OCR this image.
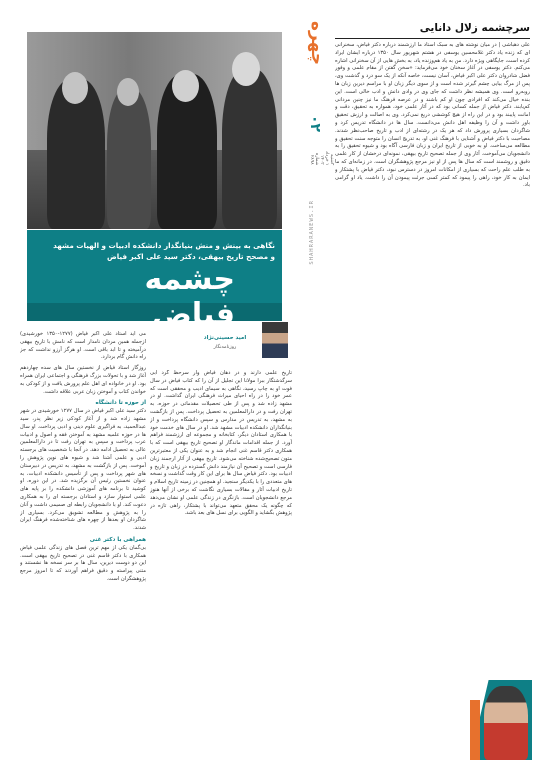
چهره
۰۲
۳شنبه
۱ خرداد ۱۴۰۳
شماره ۲۸۹۸
SHAHRARANEWS.IR
نگاهی به بینش و منش بنیانگذار دانشکده ادبیات و الهیات مشهد و مصحح تاریخ بیهقی، دکتر سید علی اکبر فیاض
چشمه فیاض
سرچشمه زلال دانایی
علی دهباشی | در میان نوشته های به سبک استاد ما آرزشمند درباره دکتر فیاض، سخنرانی ای که زنده یاد دکتر غلامحسین یوسفی در هشتم شهریور سال ۱۳۵۰ درباره ایشان ایراد کرده است، جایگاهی ویژه دارد. من به یاد هم‌وزنده یاد، به بخش هایی از آن سخنرانی اشاره می‌کنم. دکتر یوسفی در آغاز سخنان خود می‌فرماید: «سخن گفتن از مقام علمی و وفور فضل شادروان دکتر علی اکبر فیاض، آسان نیست، خاصه آنکه از یک سو درد و گذشت وی، پس از مرگ بیایی چشم گیرتر شده است و از سوی دیگر زبان او با مراسم دیرین زبان ها روبه‌رو است. وی همیشه نظر داشت که جای وی در وادی دانش و ادب خالی است. این بنده خیال می‌کند که افرادی چون او کم باشند و در عرصه فرهنگ ما نیز چنین مردانی کم‌یابند. دکتر فیاض از جمله کسانی بود که در آثار علمی خود، همواره به تحقیق، دقت و امانت پایبند بود و در این راه از هیچ کوششی دریغ نمی‌کرد. وی به اصالت و ارزش تحقیق باور داشت و آن را وظیفه اهل دانش می‌دانست. سال ها در دانشگاه تدریس کرد و شاگردان بسیاری پرورش داد که هر یک در رشته‌ای از ادب و تاریخ صاحب‌نظر شدند. مصاحبت با دکتر فیاض و آشنایی با فرهنگ غنی او، به تدریج انسان را متوجه سنت تحقیق و مطالعه می‌ساخت. او به خوبی از تاریخ ایران و زبان فارسی آگاه بود و شیوه تحقیق را به دانشجویان می‌آموخت. آثار وی از جمله تصحیح تاریخ بیهقی، نمونه‌ای درخشان از کار علمی دقیق و روشمند است که سال ها پس از او نیز مرجع پژوهشگران است. در زمانه‌ای که ما به طلب علم راحت که بسیاری از امکانات امروز در دسترس نبود، دکتر فیاض با پشتکار و ایمان به کار خود، راهی را پیمود که کمتر کسی جرئت پیمودن آن را داشت. یاد او گرامی باد.
امید حسینی‌نژاد
روزنامه‌نگار
تاریخ علمی دارند و در دهان فیاض وار سرحظ گرد ابی سرگذشتگار ببرا مولانا این تجلیل از آن را که کتاب فیاض در سال فوت او به چاپ رسید، نگاهی به سیمای ادیب و محققی است که عمر خود را در راه احیای میراث فرهنگی ایران گذاشت. او در مشهد زاده شد و پس از طی تحصیلات مقدماتی در حوزه، به تهران رفت و در دارالمعلمین به تحصیل پرداخت. پس از بازگشت به مشهد، به تدریس در مدارس و سپس دانشگاه پرداخت و از بنیانگذاران دانشکده ادبیات مشهد شد. او در سال های خدمت خود با همکاری استادان دیگر، کتابخانه و مجموعه ای ارزشمند فراهم آورد. از جمله اقدامات ماندگار او تصحیح تاریخ بیهقی است که با همکاری دکتر قاسم غنی انجام شد و به عنوان یکی از معتبرترین متون تصحیح‌شده شناخته می‌شود. تاریخ بیهقی از آثار ارجمند زبان فارسی است و تصحیح آن نیازمند دانش گسترده در زبان و تاریخ و ادبیات بود. دکتر فیاض سال ها برای این کار وقت گذاشت و نسخه های متعددی را با یکدیگر سنجید. او همچنین در زمینه تاریخ اسلام و تاریخ ادبیات آثار و مقالات بسیاری نگاشت که برخی از آنها هنوز مرجع دانشجویان است. بازنگری در زندگی علمی او نشان می‌دهد که چگونه یک محقق متعهد می‌تواند با پشتکار، راهی تازه در پژوهش بگشاید و الگویی برای نسل های بعد باشد.
می آید استاد علی اکبر فیاض (۱۲۷۷-۱۳۵۰ خورشیدی) ازجمله همین مردان نامدار است که نامش با تاریخ بیهقی درآمیخته و تا ابد باقی است. او هرگز آرزو نداشت که جز راه دانش گام بردارد.
روزگار استاد فیاض از نخستین سال های سده چهاردهم آغاز شد و با تحولات بزرگ فرهنگی و اجتماعی ایران همراه بود. او در خانواده ای اهل علم پرورش یافت و از کودکی به خواندن کتاب و آموختن زبان عربی علاقه داشت.
از حوزه تا دانشگاه
دکتر سید علی اکبر فیاض در سال ۱۲۷۷ خورشیدی در شهر مشهد زاده شد و از آغاز کودکی زیر نظر پدر، سید عبدالحمید، به فراگیری علوم دینی و ادبی پرداخت. او سال ها در حوزه علمیه مشهد به آموختن فقه و اصول و ادبیات عرب پرداخت و سپس به تهران رفت تا در دارالمعلمین عالی به تحصیل ادامه دهد. در آنجا با شخصیت های برجسته ادبی و علمی آشنا شد و شیوه های نوین پژوهش را آموخت. پس از بازگشت به مشهد، به تدریس در دبیرستان های شهر پرداخت و پس از تأسیس دانشکده ادبیات، به عنوان نخستین رئیس آن برگزیده شد. در این دوره، او کوشید تا برنامه های آموزشی دانشکده را بر پایه های علمی استوار سازد و استادان برجسته ای را به همکاری دعوت کند. او با دانشجویان رابطه ای صمیمی داشت و آنان را به پژوهش و مطالعه تشویق می‌کرد. بسیاری از شاگردان او بعدها از چهره های شناخته‌شده فرهنگ ایران شدند.
همراهی با دکتر غنی
بی‌گمان یکی از مهم ترین فصل های زندگی علمی فیاض همکاری با دکتر قاسم غنی در تصحیح تاریخ بیهقی است. این دو دوست دیرین، سال ها بر سر نسخه ها نشستند و متنی پیراسته و دقیق فراهم آوردند که تا امروز مرجع پژوهشگران است.
